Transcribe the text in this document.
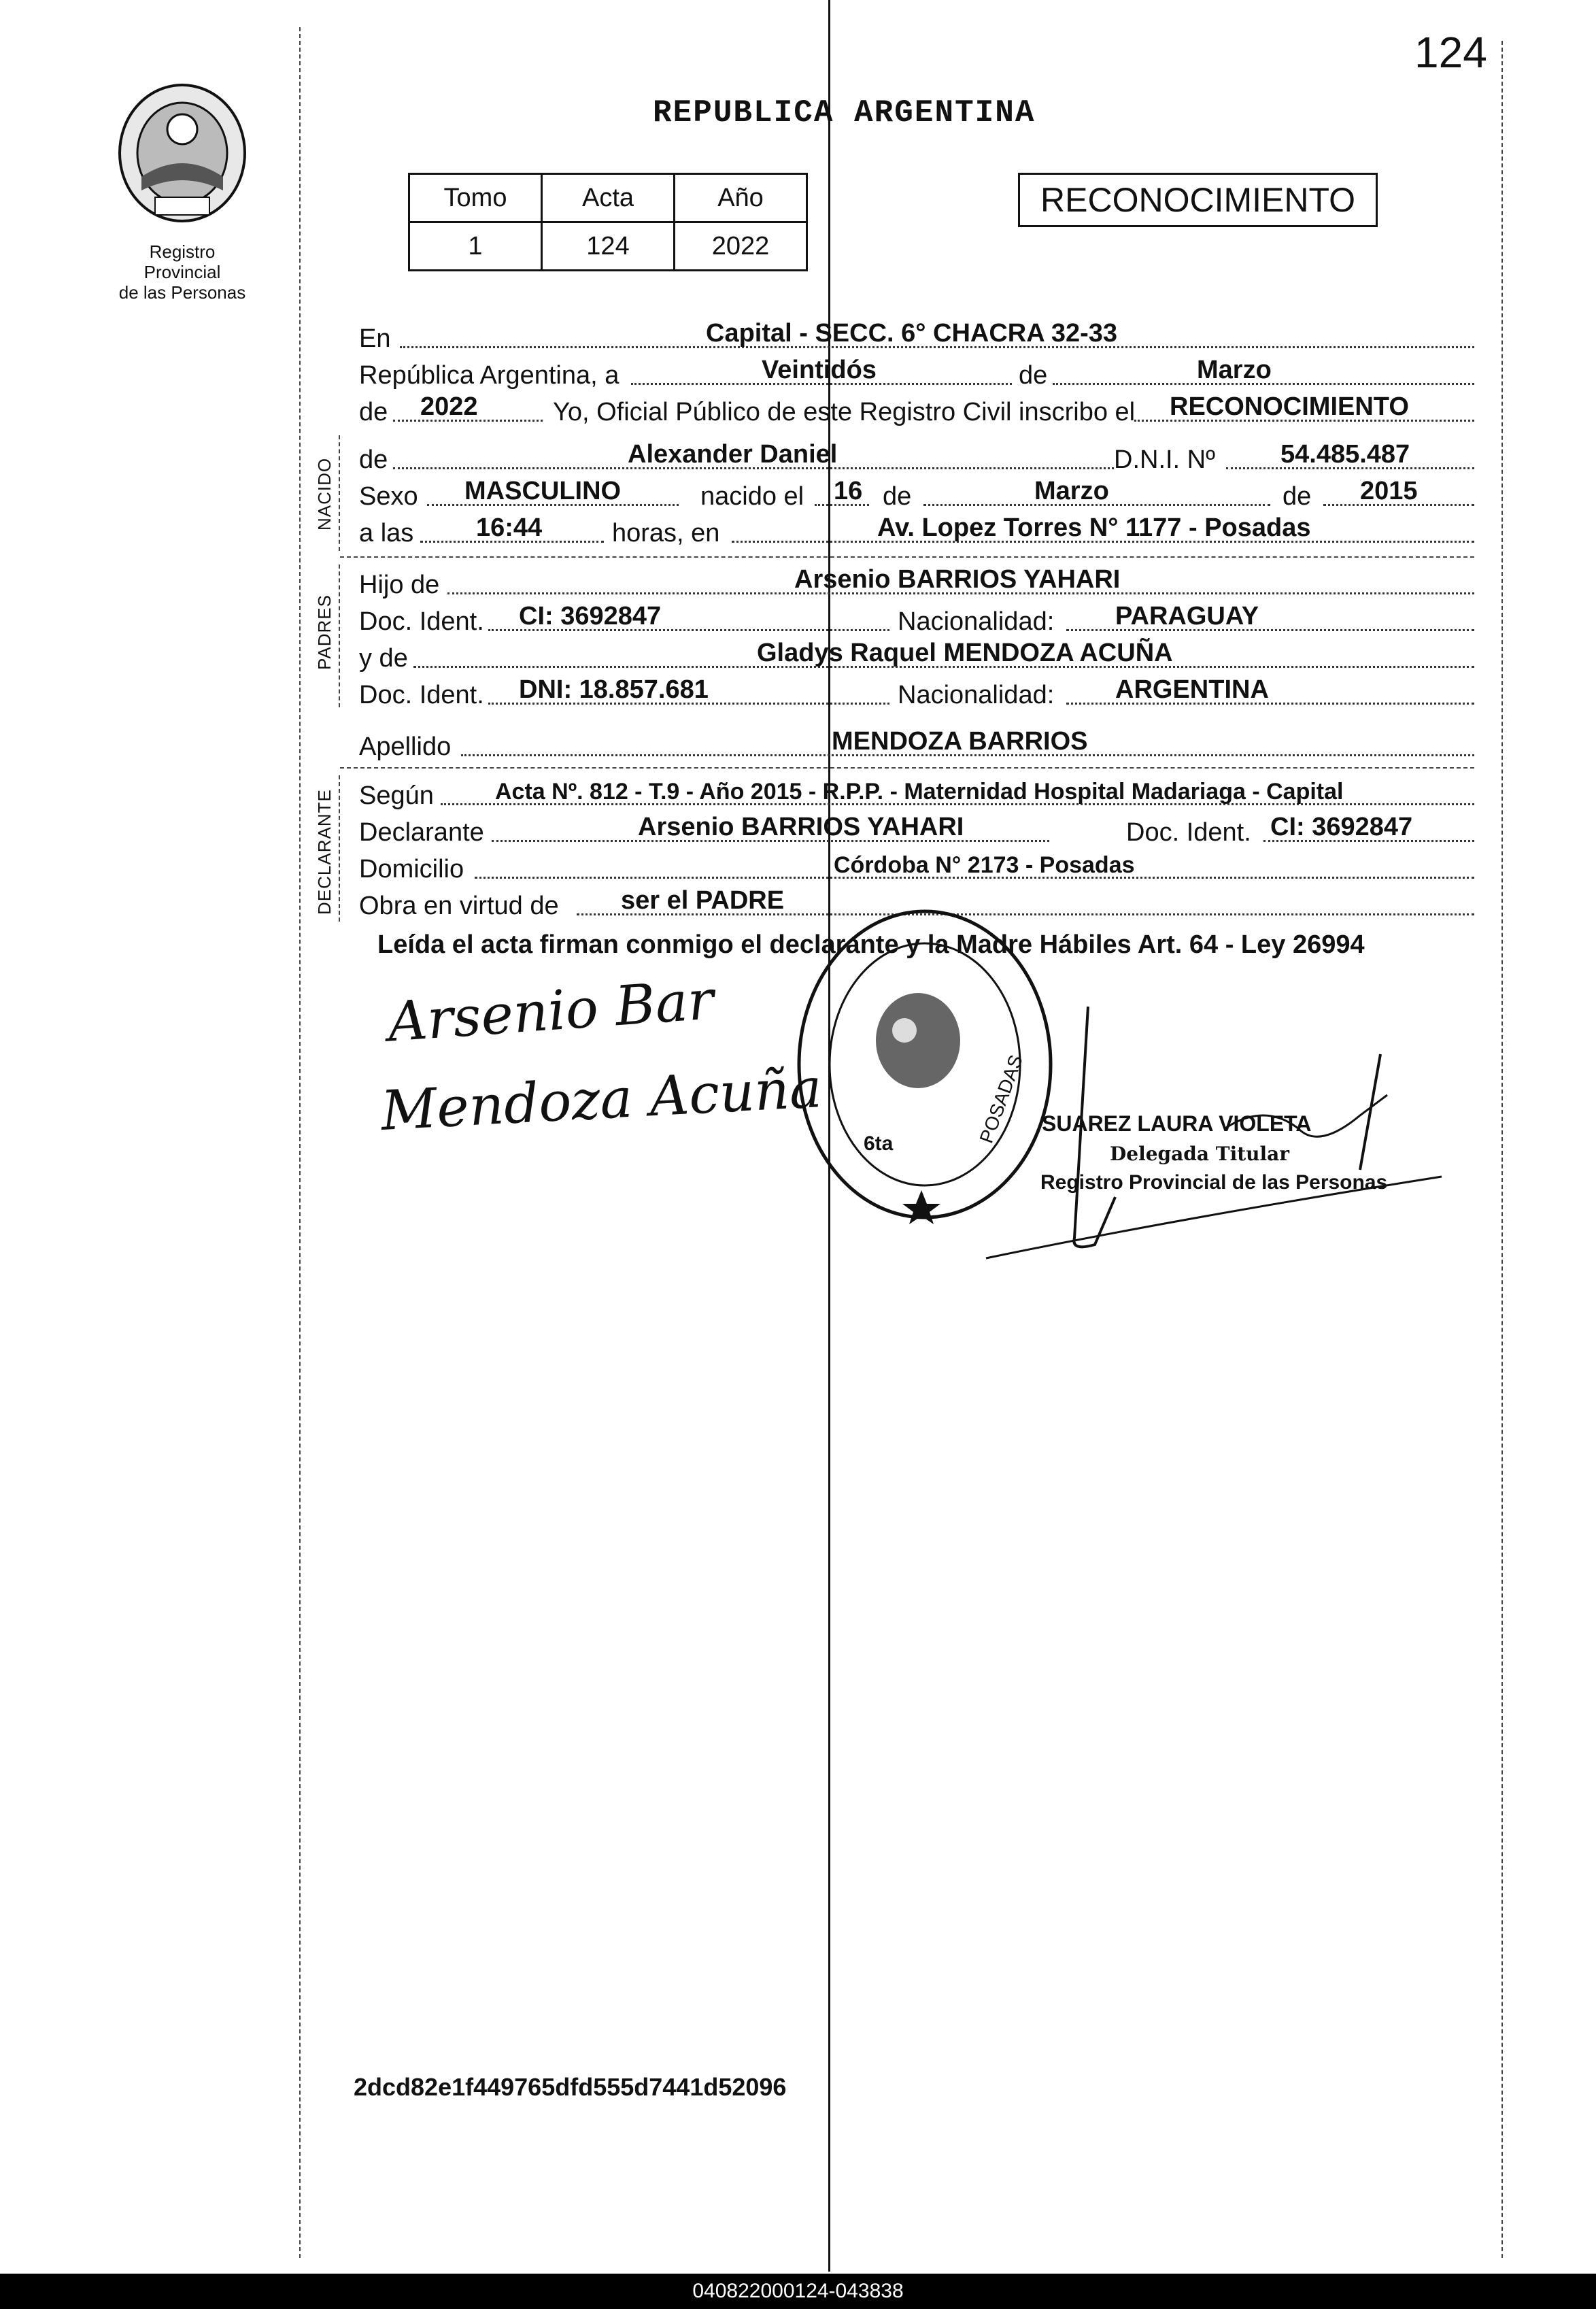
124
Registro Provincial
de las Personas
REPUBLICA ARGENTINA
Tomo	Acta	Año
1	124	2022
RECONOCIMIENTO
NACIDO
PADRES
DECLARANTE
En	Capital - SECC. 6° CHACRA 32-33
República Argentina, a	Veintidós	de	Marzo
de 2022	Yo, Oficial Público de este Registro Civil inscribo el RECONOCIMIENTO
de	Alexander Daniel	D.N.I. Nº	54.485.487
Sexo MASCULINO	nacido el 16 de	Marzo	de 2015
a las 16:44	horas, en	Av. Lopez Torres N° 1177 - Posadas
Hijo de	Arsenio BARRIOS YAHARI
Doc. Ident. CI: 3692847	Nacionalidad: PARAGUAY
y de	Gladys Raquel MENDOZA ACUÑA
Doc. Ident. DNI: 18.857.681	Nacionalidad: ARGENTINA
Apellido	MENDOZA BARRIOS
Según	Acta Nº. 812 - T.9 - Año 2015 - R.P.P. - Maternidad Hospital Madariaga - Capital
Declarante	Arsenio BARRIOS YAHARI	Doc. Ident. CI: 3692847
Domicilio	Córdoba N° 2173 - Posadas
Obra en virtud de ser el PADRE
Leída el acta firman conmigo el declarante y la Madre Hábiles Art. 64 - Ley 26994
Arsenio Bar
Mendoza Acuña
6ta	POSADAS SUAREZ LAURA VIOLETA
Delegada Titular
Registro Provincial de las Personas
2dcd82e1f449765dfd555d7441d52096
040822000124-043838
